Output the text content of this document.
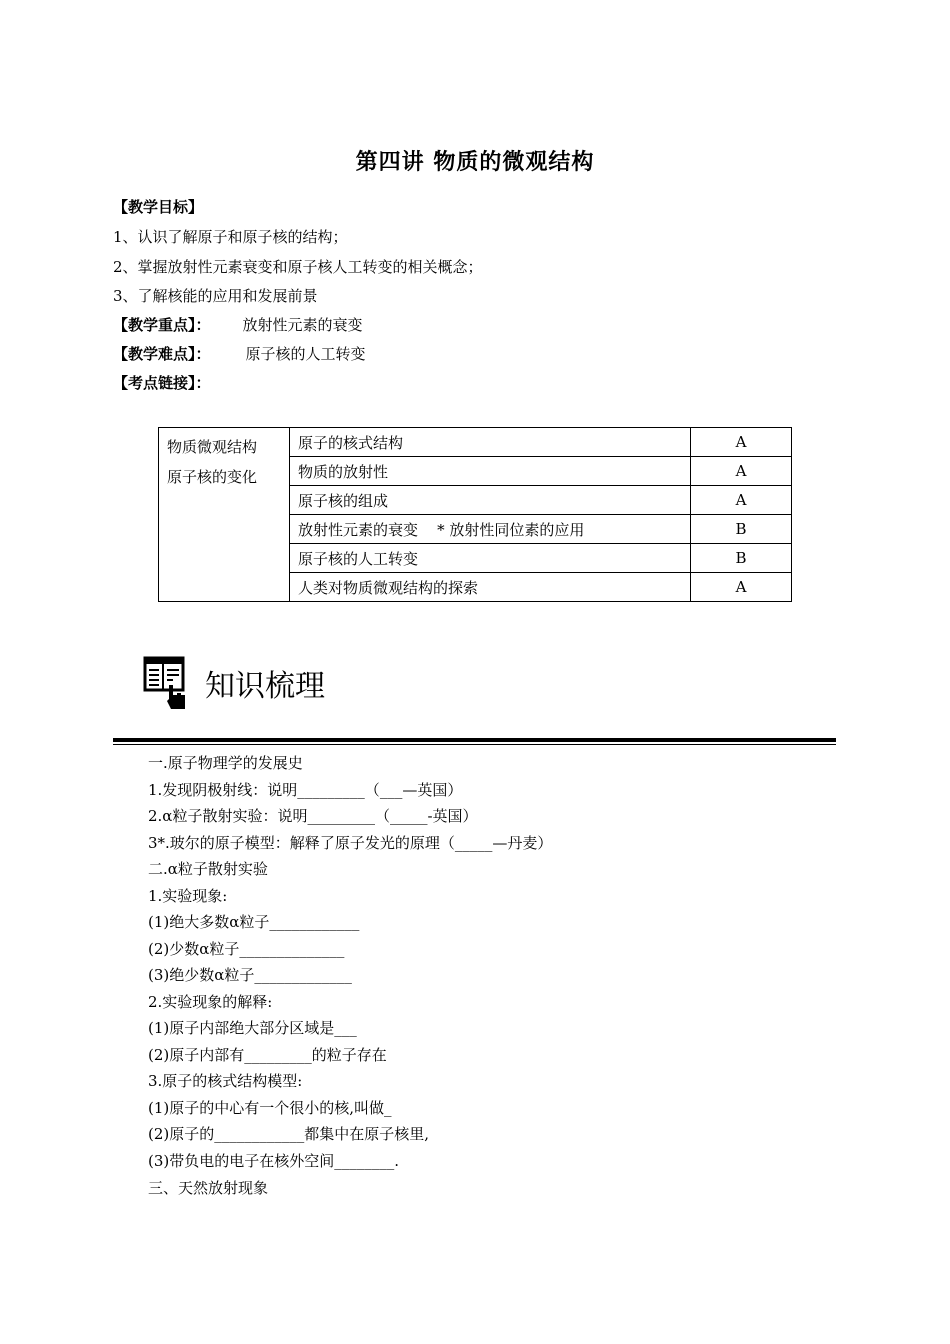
第四讲 物质的微观结构
【教学目标】
1、认识了解原子和原子核的结构；
2、掌握放射性元素衰变和原子核人工转变的相关概念；
3、了解核能的应用和发展前景
【教学重点】： 放射性元素的衰变
【教学难点】： 原子核的人工转变
【考点链接】：
物质微观结构
原子核的变化	原子的核式结构	A
	物质的放射性	A
	原子核的组成	A
	放射性元素的衰变    * 放射性同位素的应用	B
	原子核的人工转变	B
	人类对物质微观结构的探索	A
知识梳理
一.原子物理学的发展史
1.发现阴极射线：说明_________（___—英国）
2.α粒子散射实验：说明_________（_____-英国）
3*.玻尔的原子模型：解释了原子发光的原理（_____—丹麦）
二.α粒子散射实验
1.实验现象:
(1)绝大多数α粒子____________
(2)少数α粒子______________
(3)绝少数α粒子_____________
2.实验现象的解释:
(1)原子内部绝大部分区域是___
(2)原子内部有_________的粒子存在
3.原子的核式结构模型:
(1)原子的中心有一个很小的核,叫做_
(2)原子的____________都集中在原子核里,
(3)带负电的电子在核外空间________.
三、天然放射现象
